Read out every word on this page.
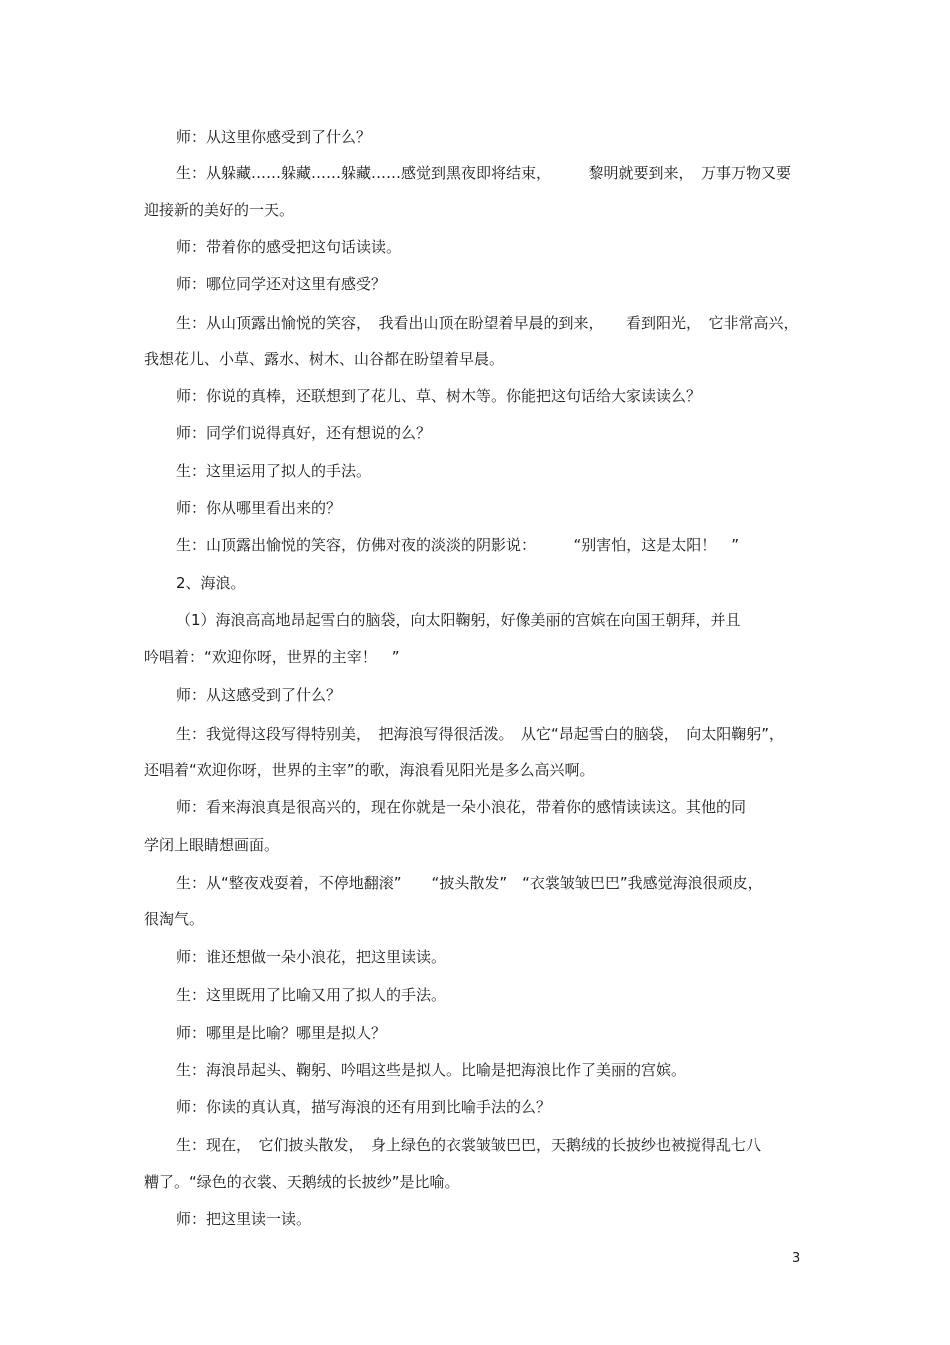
师：从这里你感受到了什么？
生：从躲藏……躲藏……躲藏……感觉到黑夜即将结束，　　　黎明就要到来，　万事万物又要
迎接新的美好的一天。
师：带着你的感受把这句话读读。
师：哪位同学还对这里有感受？
生：从山顶露出愉悦的笑容，　我看出山顶在盼望着早晨的到来，　　看到阳光，　它非常高兴，
我想花儿、小草、露水、树木、山谷都在盼望着早晨。
师：你说的真棒，还联想到了花儿、草、树木等。你能把这句话给大家读读么？
师：同学们说得真好，还有想说的么？
生：这里运用了拟人的手法。
师：你从哪里看出来的？
生：山顶露出愉悦的笑容，仿佛对夜的淡淡的阴影说：　　　“别害怕，这是太阳！　”
2、海浪。
（1）海浪高高地昂起雪白的脑袋，向太阳鞠躬，好像美丽的宫嫔在向国王朝拜，并且
吟唱着：“欢迎你呀，世界的主宰！　”
师：从这感受到了什么？
生：我觉得这段写得特别美，　把海浪写得很活泼。　从它“昂起雪白的脑袋，　向太阳鞠躬”，
还唱着“欢迎你呀，世界的主宰”的歌，海浪看见阳光是多么高兴啊。
师：看来海浪真是很高兴的，现在你就是一朵小浪花，带着你的感情读读这。其他的同
学闭上眼睛想画面。
生：从“整夜戏耍着，不停地翻滚”　　“披头散发”　“衣裳皱皱巴巴”我感觉海浪很顽皮，
很淘气。
师：谁还想做一朵小浪花，把这里读读。
生：这里既用了比喻又用了拟人的手法。
师：哪里是比喻？哪里是拟人？
生：海浪昂起头、鞠躬、吟唱这些是拟人。比喻是把海浪比作了美丽的宫嫔。
师：你读的真认真，描写海浪的还有用到比喻手法的么？
生：现在，　它们披头散发，　身上绿色的衣裳皱皱巴巴，天鹅绒的长披纱也被搅得乱七八
糟了。“绿色的衣裳、天鹅绒的长披纱”是比喻。
师：把这里读一读。
3
